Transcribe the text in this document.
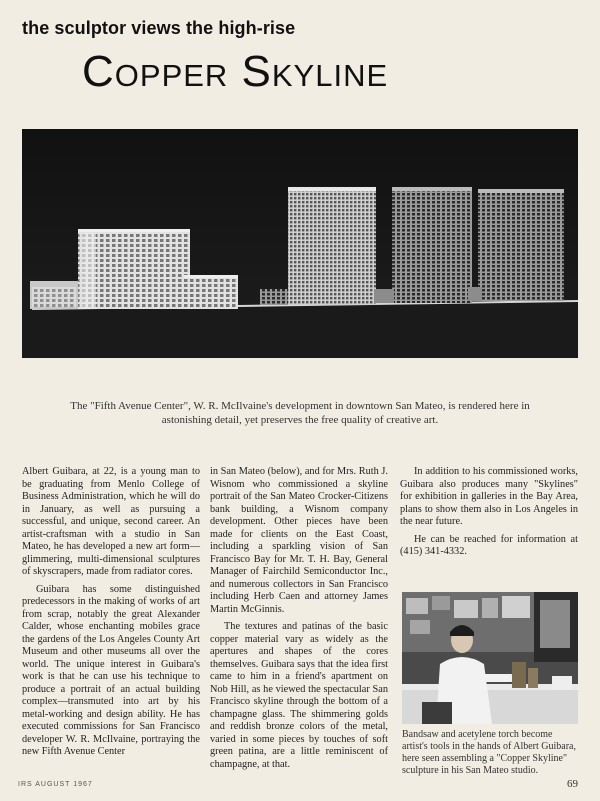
the sculptor views the high-rise
Copper Skyline
The "Fifth Avenue Center", W. R. McIlvaine's development in downtown San Mateo, is rendered here in astonishing detail, yet preserves the free quality of creative art.

Albert Guibara, at 22, is a young man to be graduating from Menlo College of Business Administration, which he will do in January, as well as pursuing a successful, and unique, second career. An artist-craftsman with a studio in San Mateo, he has developed a new art form—glimmering, multi-dimensional sculptures of skyscrapers, made from radiator cores.

Guibara has some distinguished predecessors in the making of works of art from scrap, notably the great Alexander Calder, whose enchanting mobiles grace the gardens of the Los Angeles County Art Museum and other museums all over the world. The unique interest in Guibara's work is that he can use his technique to produce a portrait of an actual building complex—transmuted into art by his metal-working and design ability. He has executed commissions for San Francisco developer W. R. McIlvaine, portraying the new Fifth Avenue Center

in San Mateo (below), and for Mrs. Ruth J. Wisnom who commissioned a skyline portrait of the San Mateo Crocker-Citizens bank building, a Wisnom company development. Other pieces have been made for clients on the East Coast, including a sparkling vision of San Francisco Bay for Mr. T. H. Bay, General Manager of Fairchild Semiconductor Inc., and numerous collectors in San Francisco including Herb Caen and attorney James Martin McGinnis.

The textures and patinas of the basic copper material vary as widely as the apertures and shapes of the cores themselves. Guibara says that the idea first came to him in a friend's apartment on Nob Hill, as he viewed the spectacular San Francisco skyline through the bottom of a champagne glass. The shimmering golds and reddish bronze colors of the metal, varied in some pieces by touches of soft green patina, are a little reminiscent of champagne, at that.

In addition to his commissioned works, Guibara also produces many "Skylines" for exhibition in galleries in the Bay Area, plans to show them also in Los Angeles in the near future.

He can be reached for information at (415) 341-4332.

Bandsaw and acetylene torch become artist's tools in the hands of Albert Guibara, here seen assembling a "Copper Skyline" sculpture in his San Mateo studio.
IRS AUGUST 1967	69
